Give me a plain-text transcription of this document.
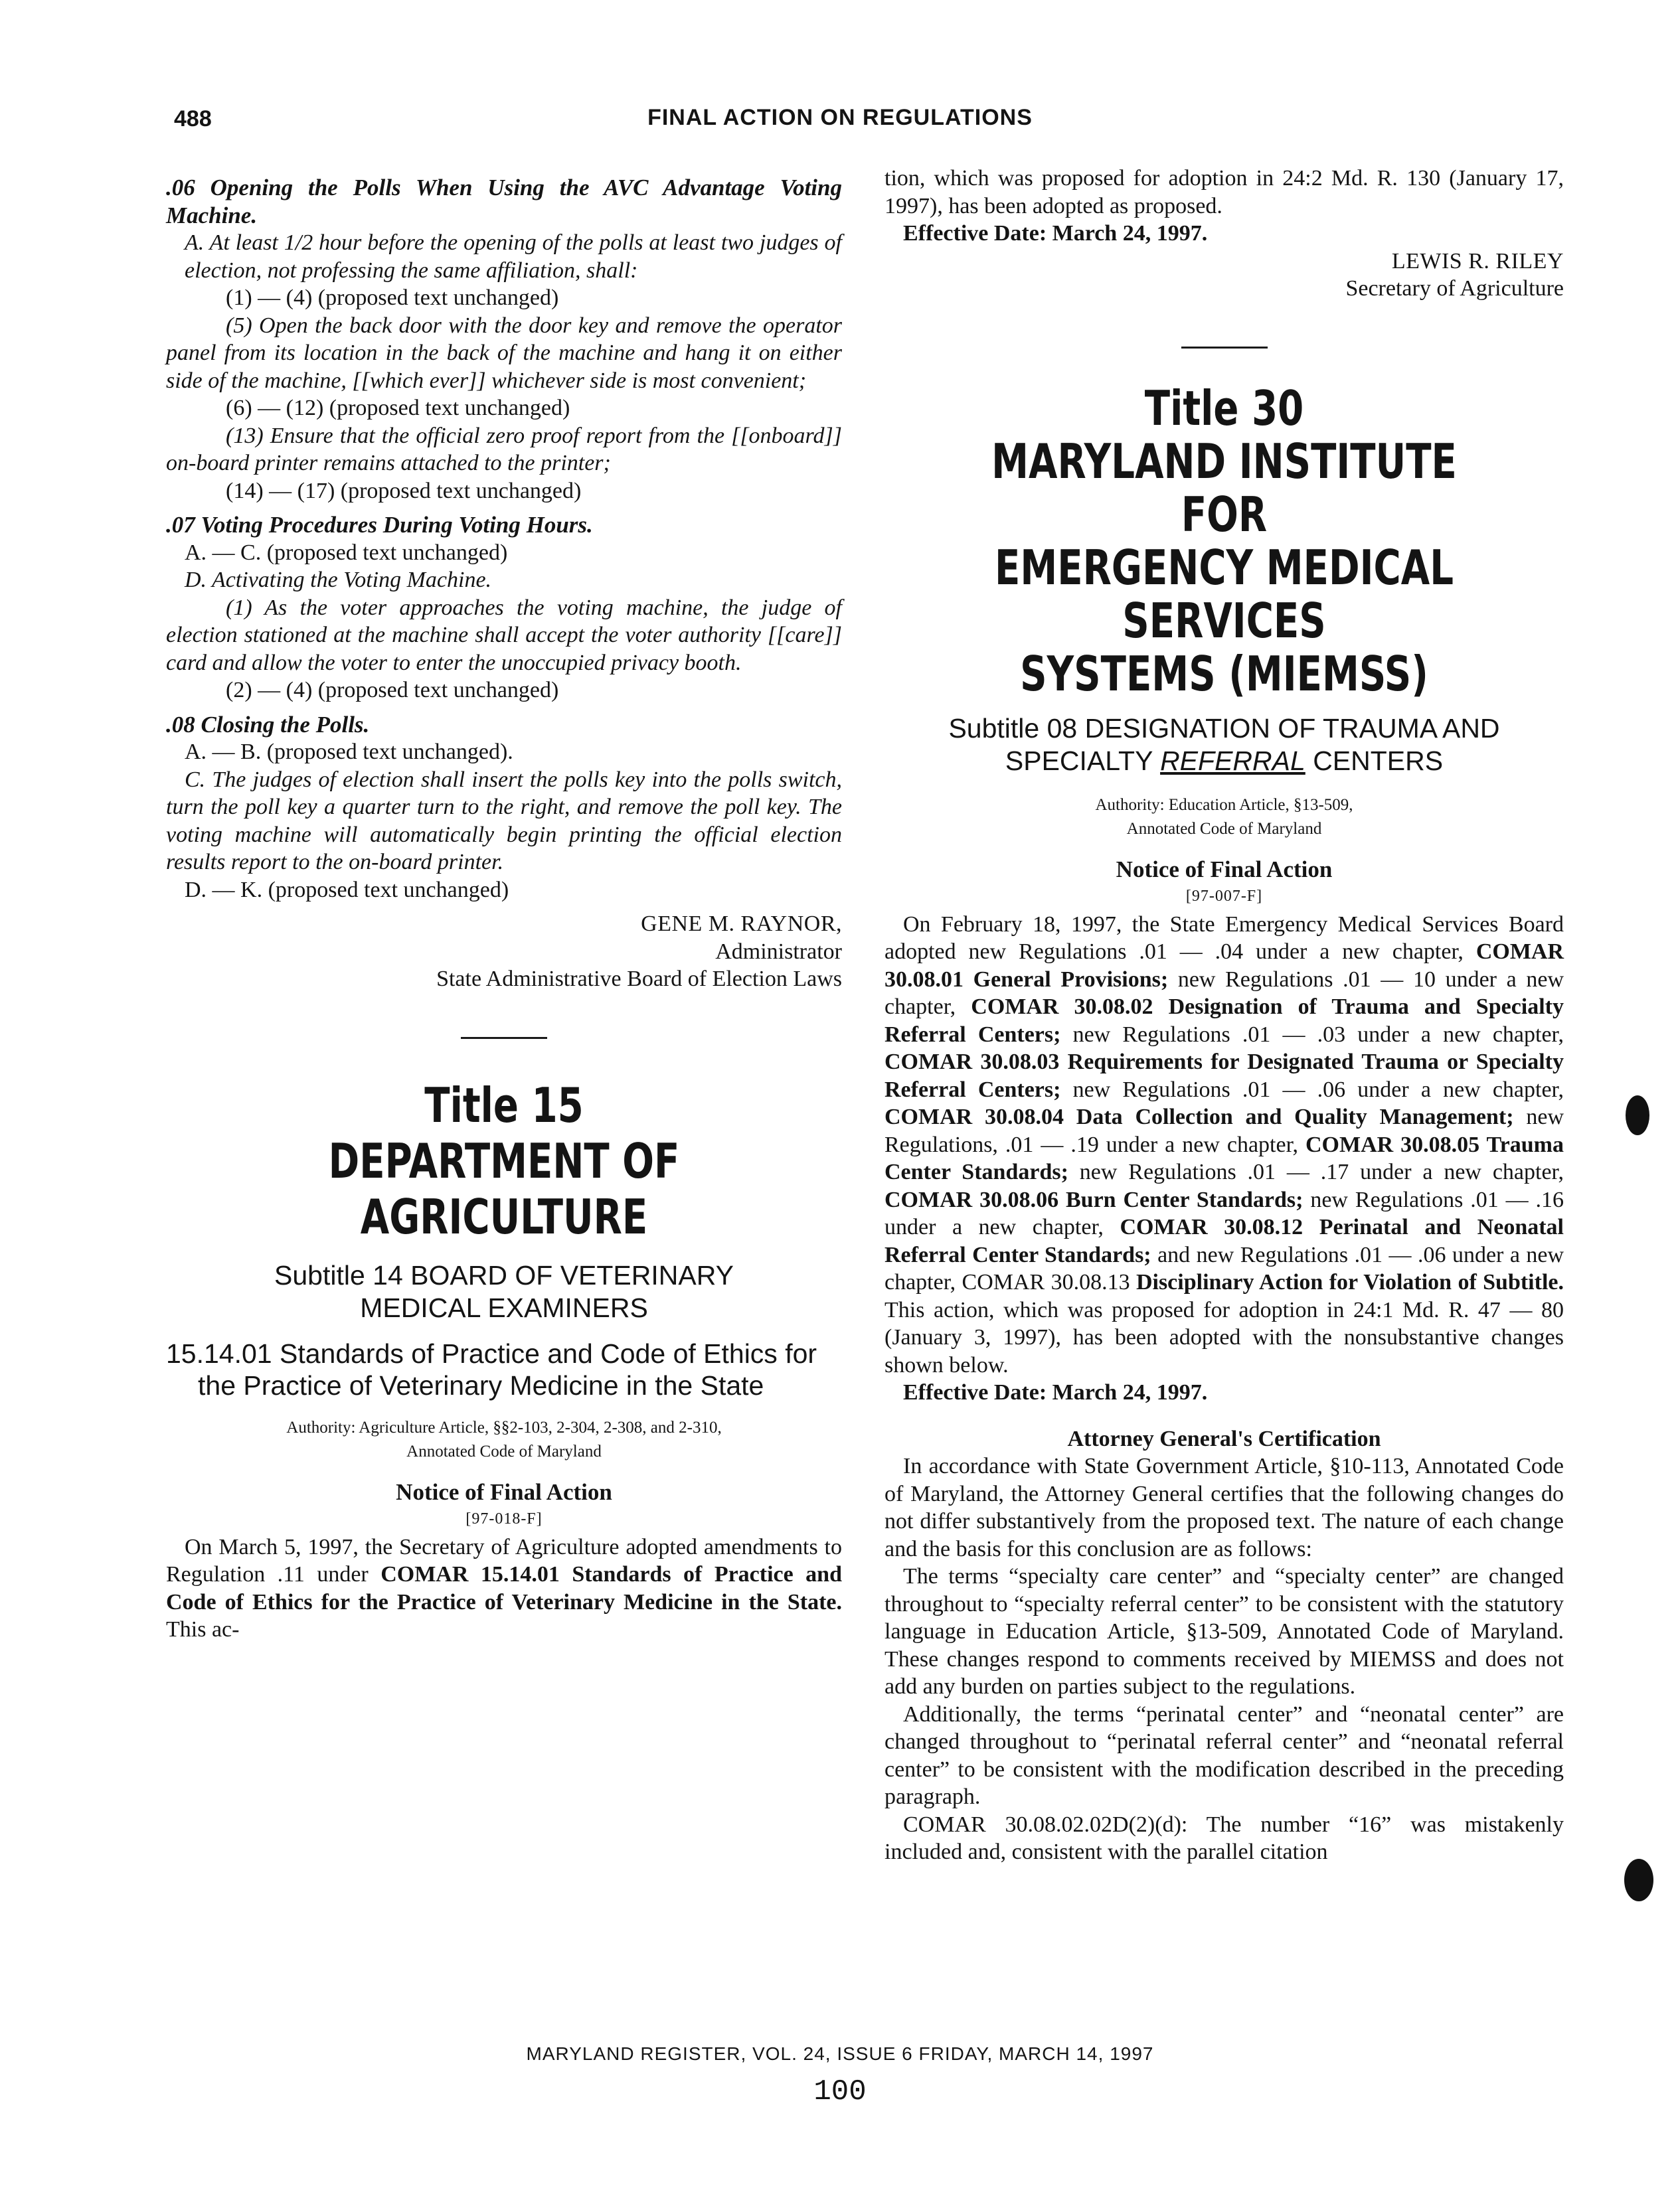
488	FINAL ACTION ON REGULATIONS

.06 Opening the Polls When Using the AVC Advantage Voting Machine.

A. At least 1/2 hour before the opening of the polls at least two judges of election, not professing the same affiliation, shall:

(1) — (4) (proposed text unchanged)

(5) Open the back door with the door key and remove the operator panel from its location in the back of the machine and hang it on either side of the machine, [[which ever]] whichever side is most convenient;

(6) — (12) (proposed text unchanged)

(13) Ensure that the official zero proof report from the [[onboard]] on-board printer remains attached to the printer;

(14) — (17) (proposed text unchanged)

.07 Voting Procedures During Voting Hours.

A. — C. (proposed text unchanged)

D. Activating the Voting Machine.

(1) As the voter approaches the voting machine, the judge of election stationed at the machine shall accept the voter authority [[care]] card and allow the voter to enter the unoccupied privacy booth.

(2) — (4) (proposed text unchanged)

.08 Closing the Polls.

A. — B. (proposed text unchanged).

C. The judges of election shall insert the polls key into the polls switch, turn the poll key a quarter turn to the right, and remove the poll key. The voting machine will automatically begin printing the official election results report to the on-board printer.

D. — K. (proposed text unchanged)

GENE M. RAYNOR,

Administrator

State Administrative Board of Election Laws

Title 15
DEPARTMENT OF
AGRICULTURE
Subtitle 14 BOARD OF VETERINARY
MEDICAL EXAMINERS

15.14.01 Standards of Practice and Code of Ethics for the Practice of Veterinary Medicine in the State

Authority: Agriculture Article, §§2-103, 2-304, 2-308, and 2-310,
Annotated Code of Maryland

Notice of Final Action

[97-018-F]

On March 5, 1997, the Secretary of Agriculture adopted amendments to Regulation .11 under COMAR 15.14.01 Standards of Practice and Code of Ethics for the Practice of Veterinary Medicine in the State. This ac-

tion, which was proposed for adoption in 24:2 Md. R. 130 (January 17, 1997), has been adopted as proposed.

Effective Date: March 24, 1997.

LEWIS R. RILEY

Secretary of Agriculture

Title 30
MARYLAND INSTITUTE FOR
EMERGENCY MEDICAL SERVICES
SYSTEMS (MIEMSS)
Subtitle 08 DESIGNATION OF TRAUMA AND
SPECIALTY REFERRAL CENTERS
Authority: Education Article, §13-509,
Annotated Code of Maryland

Notice of Final Action

[97-007-F]

On February 18, 1997, the State Emergency Medical Services Board adopted new Regulations .01 — .04 under a new chapter, COMAR 30.08.01 General Provisions; new Regulations .01 — 10 under a new chapter, COMAR 30.08.02 Designation of Trauma and Specialty Referral Centers; new Regulations .01 — .03 under a new chapter, COMAR 30.08.03 Requirements for Designated Trauma or Specialty Referral Centers; new Regulations .01 — .06 under a new chapter, COMAR 30.08.04 Data Collection and Quality Management; new Regulations, .01 — .19 under a new chapter, COMAR 30.08.05 Trauma Center Standards; new Regulations .01 — .17 under a new chapter, COMAR 30.08.06 Burn Center Standards; new Regulations .01 — .16 under a new chapter, COMAR 30.08.12 Perinatal and Neonatal Referral Center Standards; and new Regulations .01 — .06 under a new chapter, COMAR 30.08.13 Disciplinary Action for Violation of Subtitle. This action, which was proposed for adoption in 24:1 Md. R. 47 — 80 (January 3, 1997), has been adopted with the nonsubstantive changes shown below.

Effective Date: March 24, 1997.

Attorney General's Certification

In accordance with State Government Article, §10-113, Annotated Code of Maryland, the Attorney General certifies that the following changes do not differ substantively from the proposed text. The nature of each change and the basis for this conclusion are as follows:

The terms “specialty care center” and “specialty center” are changed throughout to “specialty referral center” to be consistent with the statutory language in Education Article, §13-509, Annotated Code of Maryland. These changes respond to comments received by MIEMSS and does not add any burden on parties subject to the regulations.

Additionally, the terms “perinatal center” and “neonatal center” are changed throughout to “perinatal referral center” and “neonatal referral center” to be consistent with the modification described in the preceding paragraph.

COMAR 30.08.02.02D(2)(d): The number “16” was mistakenly included and, consistent with the parallel citation

MARYLAND REGISTER, VOL. 24, ISSUE 6 FRIDAY, MARCH 14, 1997
100
